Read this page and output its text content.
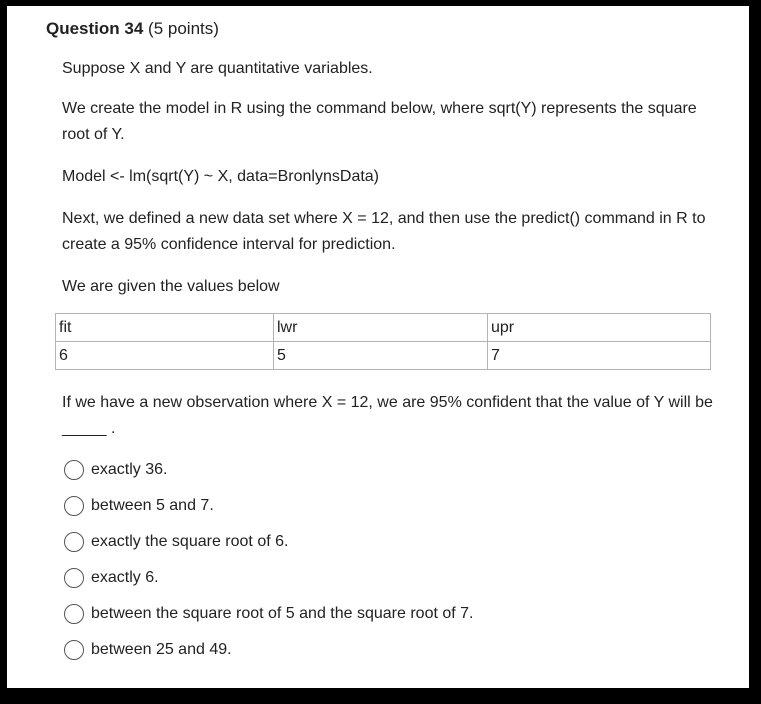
Question 34 (5 points)

Suppose X and Y are quantitative variables.

We create the model in R using the command below, where sqrt(Y) represents the square root of Y.

Model <- lm(sqrt(Y) ~ X, data=BronlynsData)

Next, we defined a new data set where X = 12, and then use the predict() command in R to create a 95% confidence interval for prediction.

We are given the values below

fit	lwr	upr
6	5	7

If we have a new observation where X = 12, we are 95% confident that the value of Y will be _____ .

exactly 36.
between 5 and 7.
exactly the square root of 6.
exactly 6.
between the square root of 5 and the square root of 7.
between 25 and 49.
